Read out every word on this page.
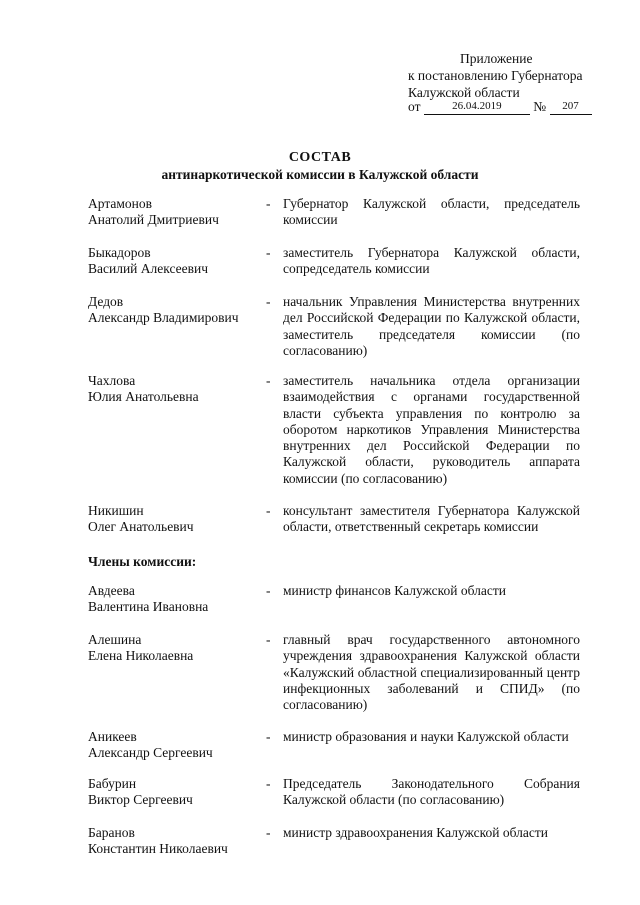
Приложение
к постановлению Губернатора
Калужской области
от	26.04.2019 № 207
СОСТАВ
антинаркотической комиссии в Калужской области
Артамонов
Анатолий Дмитриевич
- Губернатор Калужской области, председатель комиссии
Быкадоров
Василий Алексеевич
- заместитель Губернатора Калужской области, сопредседатель комиссии
Дедов
Александр Владимирович
- начальник Управления Министерства внутренних дел Российской Федерации по Калужской области, заместитель председателя комиссии (по согласованию)
Чахлова
Юлия Анатольевна
- заместитель начальника отдела организации взаимодействия с органами государственной власти субъекта управления по контролю за оборотом наркотиков Управления Министерства внутренних дел Российской Федерации по Калужской области, руководитель аппарата комиссии (по согласованию)
Никишин
Олег Анатольевич
- консультант заместителя Губернатора Калужской области, ответственный секретарь комиссии
Члены комиссии:
Авдеева
Валентина Ивановна
- министр финансов Калужской области
Алешина
Елена Николаевна
- главный врач государственного автономного учреждения здравоохранения Калужской области «Калужский областной специализированный центр инфекционных заболеваний и СПИД» (по согласованию)
Аникеев
Александр Сергеевич
- министр образования и науки Калужской области
Бабурин
Виктор Сергеевич
- Председатель Законодательного Собрания Калужской области (по согласованию)
Баранов
Константин Николаевич
- министр здравоохранения Калужской области
